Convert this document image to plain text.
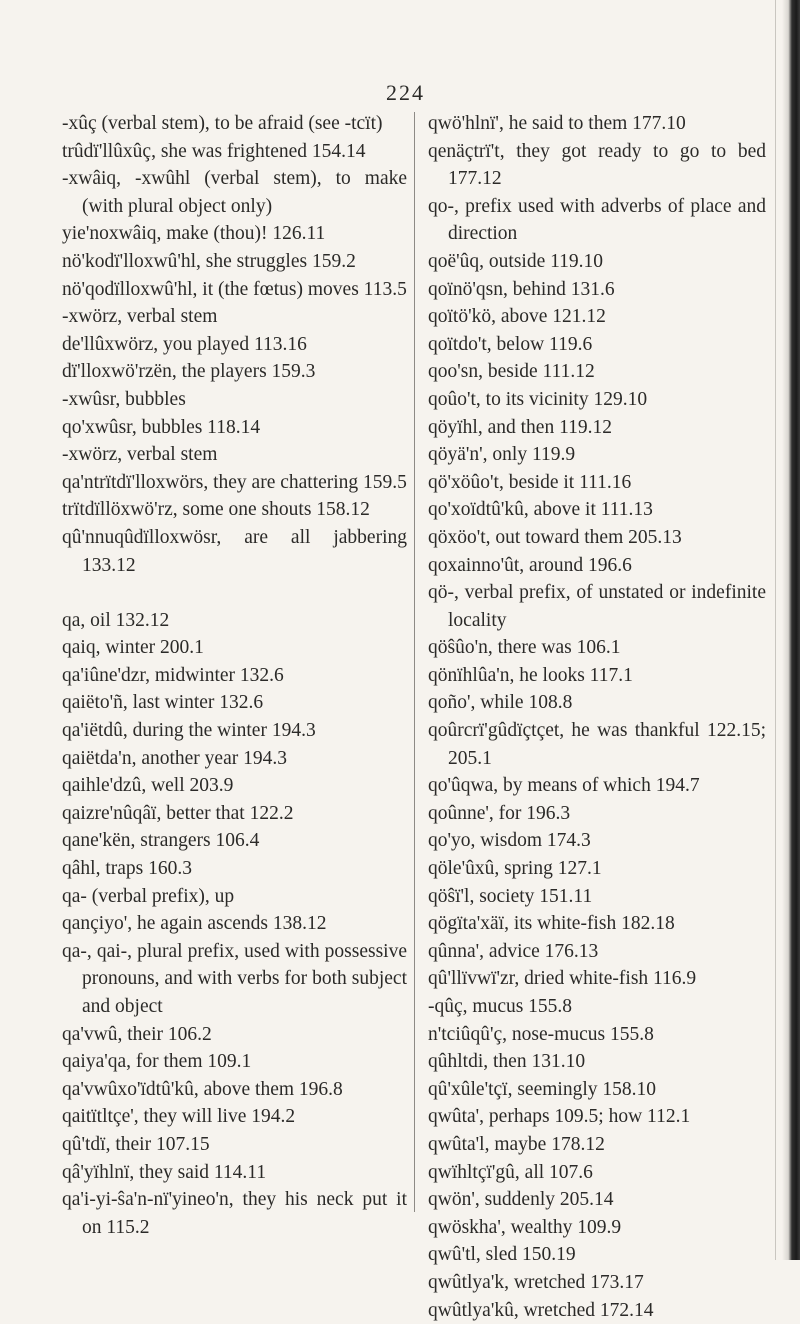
224
-xûç (verbal stem), to be afraid (see -tcït)
trûdï'llûxûç, she was frightened 154.14
-xwâiq, -xwûhl (verbal stem), to make (with plural object only)
yie'noxwâiq, make (thou)! 126.11
nö'kodï'lloxwû'hl, she struggles 159.2
nö'qodïlloxwû'hl, it (the fœtus) moves 113.5
-xwörz, verbal stem
de'llûxwörz, you played 113.16
dï'lloxwö'rzën, the players 159.3
-xwûsr, bubbles
qo'xwûsr, bubbles 118.14
-xwörz, verbal stem
qa'ntrïtdï'lloxwörs, they are chattering 159.5
trïtdïllöxwö'rz, some one shouts 158.12
qû'nnuqûdïlloxwösr, are all jabbering 133.12
qa, oil 132.12
qaiq, winter 200.1
qa'iûne'dzr, midwinter 132.6
qaiëto'ñ, last winter 132.6
qa'iëtdû, during the winter 194.3
qaiëtda'n, another year 194.3
qaihle'dzû, well 203.9
qaizre'nûqâï, better that 122.2
qane'kën, strangers 106.4
qâhl, traps 160.3
qa- (verbal prefix), up
qançiyo', he again ascends 138.12
qa-, qai-, plural prefix, used with possessive pronouns, and with verbs for both subject and object
qa'vwû, their 106.2
qaiya'qa, for them 109.1
qa'vwûxo'ïdtû'kû, above them 196.8
qaitïtltçe', they will live 194.2
qû'tdï, their 107.15
qâ'yïhlnï, they said 114.11
qa'i-yi-ŝa'n-nï'yineo'n, they his neck put it on 115.2
qwö'hlnï', he said to them 177.10
qenäçtrï't, they got ready to go to bed 177.12
qo-, prefix used with adverbs of place and direction
qoë'ûq, outside 119.10
qoïnö'qsn, behind 131.6
qoïtö'kö, above 121.12
qoïtdo't, below 119.6
qoo'sn, beside 111.12
qoûo't, to its vicinity 129.10
qöyïhl, and then 119.12
qöyä'n', only 119.9
qö'xöûo't, beside it 111.16
qo'xoïdtû'kû, above it 111.13
qöxöo't, out toward them 205.13
qoxainno'ût, around 196.6
qö-, verbal prefix, of unstated or indefinite locality
qöŝûo'n, there was 106.1
qönïhlûa'n, he looks 117.1
qoño', while 108.8
qoûrcrï'gûdïçtçet, he was thankful 122.15; 205.1
qo'ûqwa, by means of which 194.7
qoûnne', for 196.3
qo'yo, wisdom 174.3
qöle'ûxû, spring 127.1
qöŝï'l, society 151.11
qögïta'xäï, its white-fish 182.18
qûnna', advice 176.13
qû'llïvwï'zr, dried white-fish 116.9
-qûç, mucus 155.8
n'tciûqû'ç, nose-mucus 155.8
qûhltdi, then 131.10
qû'xûle'tçï, seemingly 158.10
qwûta', perhaps 109.5; how 112.1
qwûta'l, maybe 178.12
qwïhltçï'gû, all 107.6
qwön', suddenly 205.14
qwöskha', wealthy 109.9
qwû'tl, sled 150.19
qwûtlya'k, wretched 173.17
qwûtlya'kû, wretched 172.14
